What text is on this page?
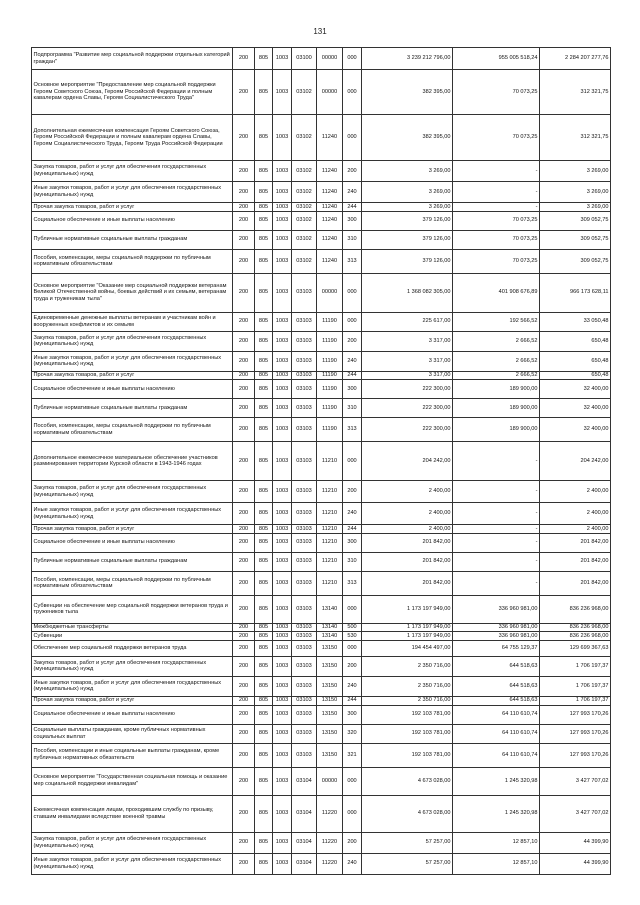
131
Подпрограмма "Развитие мер социальной поддержки отдельных категорий граждан"	200	805	1003	03100	00000	000	3 239 212 796,00	955 005 518,24	2 284 207 277,76
Основное мероприятие "Предоставление мер социальной поддержки Героям Советского Союза, Героям Российской Федерации и полным кавалерам ордена Славы, Героям Социалистического Труда"	200	805	1003	03102	00000	000	382 395,00	70 073,25	312 321,75
Дополнительная ежемесячная компенсация Героям Советского Союза, Героям Российской Федерации и полным кавалерам ордена Славы, Героям Социалистического Труда, Героям Труда Российской Федерации	200	805	1003	03102	11240	000	382 395,00	70 073,25	312 321,75
Закупка товаров, работ и услуг для обеспечения государственных (муниципальных) нужд	200	805	1003	03102	11240	200	3 269,00	-	3 269,00
Иные закупки товаров, работ и услуг для обеспечения государственных (муниципальных) нужд	200	805	1003	03102	11240	240	3 269,00	-	3 269,00
Прочая закупка товаров, работ и услуг	200	805	1003	03102	11240	244	3 269,00	-	3 269,00
Социальное обеспечение и иные выплаты населению	200	805	1003	03102	11240	300	379 126,00	70 073,25	309 052,75
Публичные нормативные социальные выплаты гражданам	200	805	1003	03102	11240	310	379 126,00	70 073,25	309 052,75
Пособия, компенсации, меры социальной поддержки по публичным нормативным обязательствам	200	805	1003	03102	11240	313	379 126,00	70 073,25	309 052,75
Основное мероприятие "Оказание мер социальной поддержки ветеранам Великой Отечественной войны, боевых действий и их семьям, ветеранам труда и труженикам тыла"	200	805	1003	03103	00000	000	1 368 082 305,00	401 908 676,89	966 173 628,11
Единовременные денежные выплаты ветеранам и участникам войн и вооруженных конфликтов и их семьям	200	805	1003	03103	11190	000	225 617,00	192 566,52	33 050,48
Закупка товаров, работ и услуг для обеспечения государственных (муниципальных) нужд	200	805	1003	03103	11190	200	3 317,00	2 666,52	650,48
Иные закупки товаров, работ и услуг для обеспечения государственных (муниципальных) нужд	200	805	1003	03103	11190	240	3 317,00	2 666,52	650,48
Прочая закупка товаров, работ и услуг	200	805	1003	03103	11190	244	3 317,00	2 666,52	650,48
Социальное обеспечение и иные выплаты населению	200	805	1003	03103	11190	300	222 300,00	189 900,00	32 400,00
Публичные нормативные социальные выплаты гражданам	200	805	1003	03103	11190	310	222 300,00	189 900,00	32 400,00
Пособия, компенсации, меры социальной поддержки по публичным нормативным обязательствам	200	805	1003	03103	11190	313	222 300,00	189 900,00	32 400,00
Дополнительное ежемесячное материальное обеспечение участников разминирования территории Курской области в 1943-1946 годах	200	805	1003	03103	11210	000	204 242,00	-	204 242,00
Закупка товаров, работ и услуг для обеспечения государственных (муниципальных) нужд	200	805	1003	03103	11210	200	2 400,00	-	2 400,00
Иные закупки товаров, работ и услуг для обеспечения государственных (муниципальных) нужд	200	805	1003	03103	11210	240	2 400,00	-	2 400,00
Прочая закупка товаров, работ и услуг	200	805	1003	03103	11210	244	2 400,00	-	2 400,00
Социальное обеспечение и иные выплаты населению	200	805	1003	03103	11210	300	201 842,00	-	201 842,00
Публичные нормативные социальные выплаты гражданам	200	805	1003	03103	11210	310	201 842,00	-	201 842,00
Пособия, компенсации, меры социальной поддержки по публичным нормативным обязательствам	200	805	1003	03103	11210	313	201 842,00	-	201 842,00
Субвенции на обеспечение мер социальной поддержки ветеранов труда и тружеников тыла	200	805	1003	03103	13140	000	1 173 197 949,00	336 960 981,00	836 236 968,00
Межбюджетные трансферты	200	805	1003	03103	13140	500	1 173 197 949,00	336 960 981,00	836 236 968,00
Субвенции	200	805	1003	03103	13140	530	1 173 197 949,00	336 960 981,00	836 236 968,00
Обеспечение мер социальной поддержки ветеранов труда	200	805	1003	03103	13150	000	194 454 497,00	64 755 129,37	129 699 367,63
Закупка товаров, работ и услуг для обеспечения государственных (муниципальных) нужд	200	805	1003	03103	13150	200	2 350 716,00	644 518,63	1 706 197,37
Иные закупки товаров, работ и услуг для обеспечения государственных (муниципальных) нужд	200	805	1003	03103	13150	240	2 350 716,00	644 518,63	1 706 197,37
Прочая закупка товаров, работ и услуг	200	805	1003	03103	13150	244	2 350 716,00	644 518,63	1 706 197,37
Социальное обеспечение и иные выплаты населению	200	805	1003	03103	13150	300	192 103 781,00	64 110 610,74	127 993 170,26
Социальные выплаты гражданам, кроме публичных нормативных социальных выплат	200	805	1003	03103	13150	320	192 103 781,00	64 110 610,74	127 993 170,26
Пособия, компенсации и иные социальные выплаты гражданам, кроме публичных нормативных обязательств	200	805	1003	03103	13150	321	192 103 781,00	64 110 610,74	127 993 170,26
Основное мероприятие "Государственная социальная помощь и оказание мер социальной поддержки инвалидам"	200	805	1003	03104	00000	000	4 673 028,00	1 245 320,98	3 427 707,02
Ежемесячная компенсация лицам, проходившим службу по призыву, ставшим инвалидами вследствие военной травмы	200	805	1003	03104	11220	000	4 673 028,00	1 245 320,98	3 427 707,02
Закупка товаров, работ и услуг для обеспечения государственных (муниципальных) нужд	200	805	1003	03104	11220	200	57 257,00	12 857,10	44 399,90
Иные закупки товаров, работ и услуг для обеспечения государственных (муниципальных) нужд	200	805	1003	03104	11220	240	57 257,00	12 857,10	44 399,90
